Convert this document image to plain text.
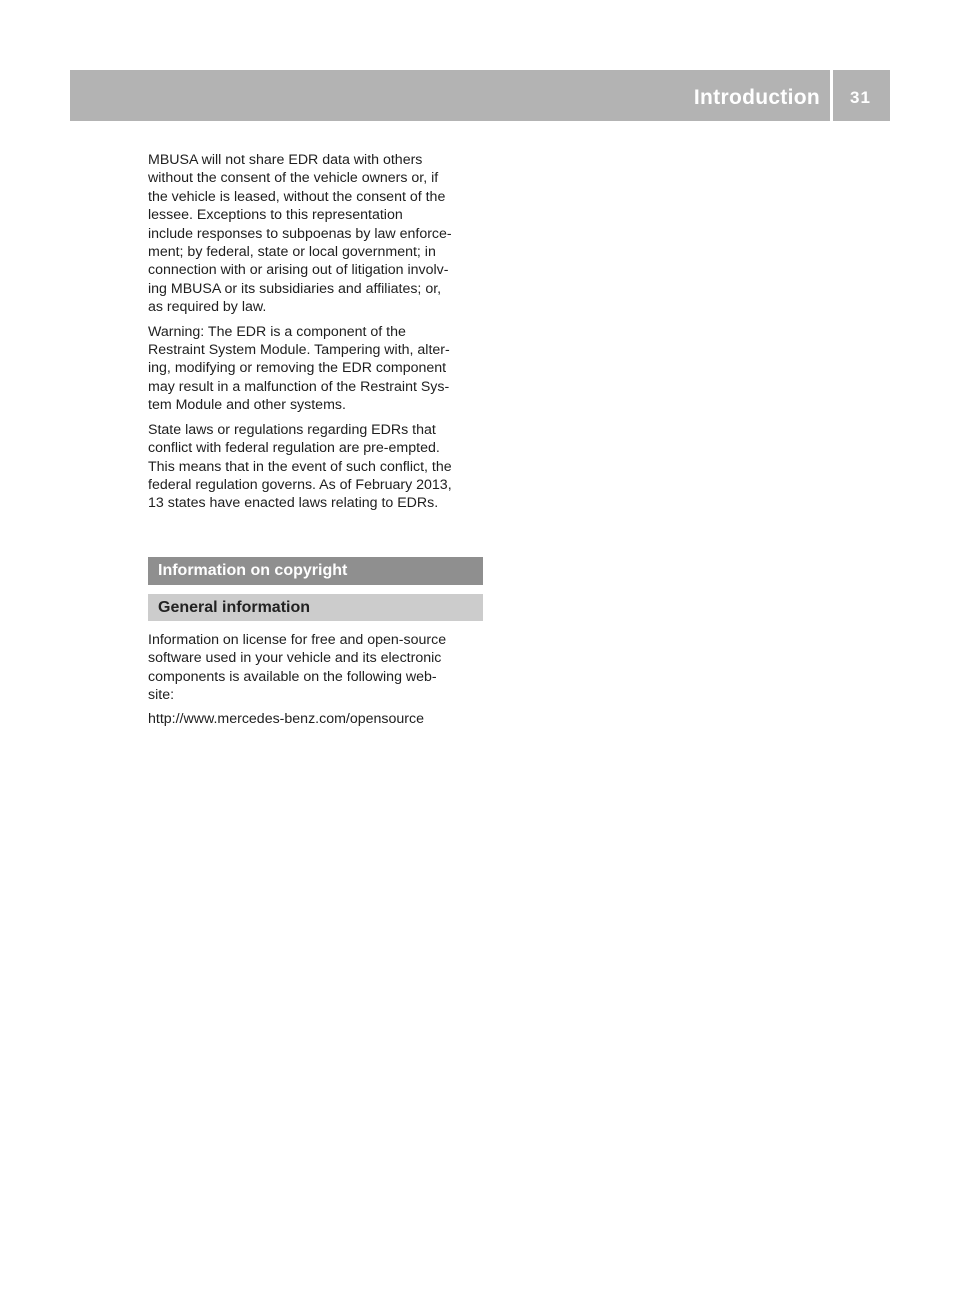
Introduction 31

MBUSA will not share EDR data with others
without the consent of the vehicle owners or, if
the vehicle is leased, without the consent of the
lessee. Exceptions to this representation
include responses to subpoenas by law enforce-
ment; by federal, state or local government; in
connection with or arising out of litigation involv-
ing MBUSA or its subsidiaries and affiliates; or,
as required by law.

Warning: The EDR is a component of the
Restraint System Module. Tampering with, alter-
ing, modifying or removing the EDR component
may result in a malfunction of the Restraint Sys-
tem Module and other systems.

State laws or regulations regarding EDRs that
conflict with federal regulation are pre-empted.
This means that in the event of such conflict, the
federal regulation governs. As of February 2013,
13 states have enacted laws relating to EDRs.

Information on copyright
General information

Information on license for free and open-source
software used in your vehicle and its electronic
components is available on the following web-
site:

http://www.mercedes-benz.com/opensource
